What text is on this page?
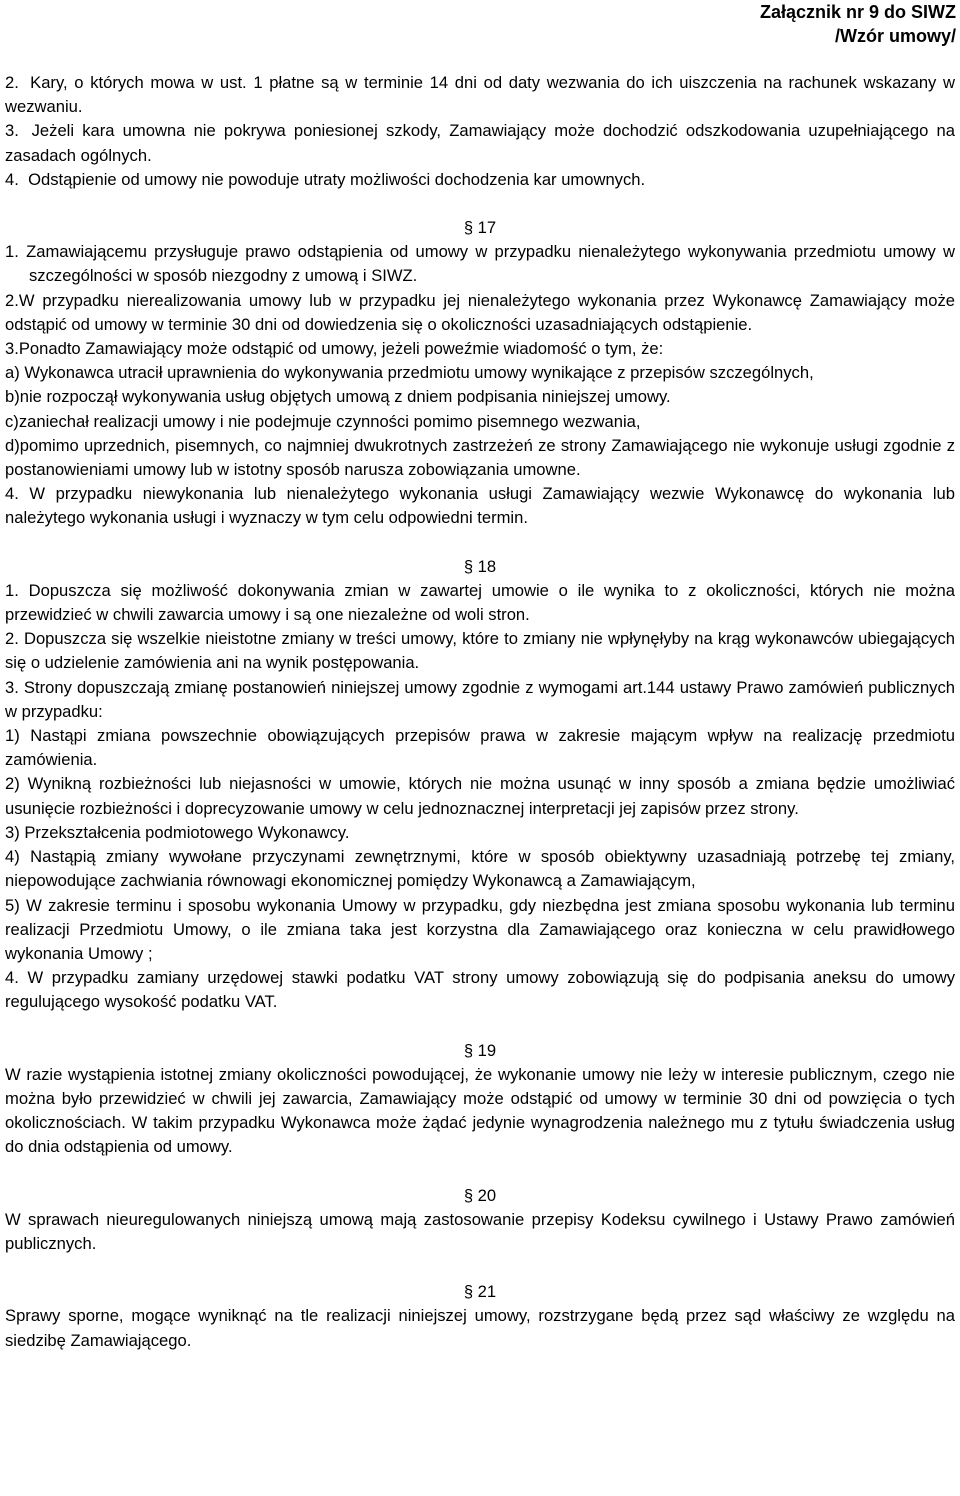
Załącznik nr 9 do SIWZ
/Wzór umowy/

2.	Kary, o których mowa w ust. 1 płatne są w terminie 14 dni od daty wezwania do ich uiszczenia na rachunek wskazany w wezwaniu.

3.	Jeżeli kara umowna nie pokrywa poniesionej szkody, Zamawiający może dochodzić odszkodowania uzupełniającego na zasadach ogólnych.

4.	Odstąpienie od umowy nie powoduje utraty możliwości dochodzenia kar umownych.

§ 17

1. Zamawiającemu przysługuje prawo odstąpienia od umowy w przypadku nienależytego wykonywania przedmiotu umowy w szczególności w sposób niezgodny z umową i SIWZ.

2.W przypadku nierealizowania umowy lub w przypadku jej nienależytego wykonania przez Wykonawcę Zamawiający może odstąpić od umowy w terminie 30 dni od dowiedzenia się o okoliczności uzasadniających odstąpienie.

3.Ponadto Zamawiający może odstąpić od umowy, jeżeli poweźmie wiadomość o tym, że:

a) Wykonawca utracił uprawnienia do wykonywania przedmiotu umowy wynikające z przepisów szczególnych,

b)nie rozpoczął wykonywania usług objętych umową z dniem podpisania niniejszej umowy.

c)zaniechał realizacji umowy i nie podejmuje czynności pomimo pisemnego wezwania,

d)pomimo uprzednich, pisemnych, co najmniej dwukrotnych zastrzeżeń ze strony Zamawiającego nie wykonuje usługi zgodnie z postanowieniami umowy lub w istotny sposób narusza zobowiązania umowne.

4. W przypadku niewykonania lub nienależytego wykonania usługi Zamawiający wezwie Wykonawcę do wykonania lub należytego wykonania usługi i wyznaczy w tym celu odpowiedni termin.

§ 18

1. Dopuszcza się możliwość dokonywania zmian w zawartej umowie o ile wynika to z okoliczności, których nie można przewidzieć w chwili zawarcia umowy i są one niezależne od woli stron.

2. Dopuszcza się wszelkie nieistotne zmiany w treści umowy, które to zmiany nie wpłynęłyby na krąg wykonawców ubiegających się o udzielenie zamówienia ani na wynik postępowania.

3. Strony dopuszczają zmianę postanowień niniejszej umowy zgodnie z wymogami art.144 ustawy Prawo zamówień publicznych w przypadku:

1) Nastąpi zmiana powszechnie obowiązujących przepisów prawa w zakresie mającym wpływ na realizację przedmiotu zamówienia.

2) Wynikną rozbieżności lub niejasności w umowie, których nie można usunąć w inny sposób a zmiana będzie umożliwiać usunięcie rozbieżności i doprecyzowanie umowy w celu jednoznacznej interpretacji jej zapisów przez strony.

3) Przekształcenia podmiotowego Wykonawcy.

4) Nastąpią zmiany wywołane przyczynami zewnętrznymi, które w sposób obiektywny uzasadniają potrzebę tej zmiany, niepowodujące zachwiania równowagi ekonomicznej pomiędzy Wykonawcą a Zamawiającym,

5) W zakresie terminu i sposobu wykonania Umowy w przypadku, gdy niezbędna jest zmiana sposobu wykonania lub terminu realizacji Przedmiotu Umowy, o ile zmiana taka jest korzystna dla Zamawiającego oraz konieczna w celu prawidłowego wykonania Umowy ;

4. W przypadku zamiany urzędowej stawki podatku VAT strony umowy zobowiązują się do podpisania aneksu do umowy regulującego wysokość podatku VAT.

§ 19

W razie wystąpienia istotnej zmiany okoliczności powodującej, że wykonanie umowy nie leży w interesie publicznym, czego nie można było przewidzieć w chwili jej zawarcia, Zamawiający może odstąpić od umowy w terminie 30 dni od powzięcia o tych okolicznościach. W takim przypadku Wykonawca może żądać jedynie wynagrodzenia należnego mu z tytułu świadczenia usług do dnia odstąpienia od umowy.

§ 20

W sprawach nieuregulowanych niniejszą umową mają zastosowanie przepisy Kodeksu cywilnego i Ustawy Prawo zamówień publicznych.

§ 21

Sprawy sporne, mogące wyniknąć na tle realizacji niniejszej umowy, rozstrzygane będą przez sąd właściwy ze względu na siedzibę Zamawiającego.
